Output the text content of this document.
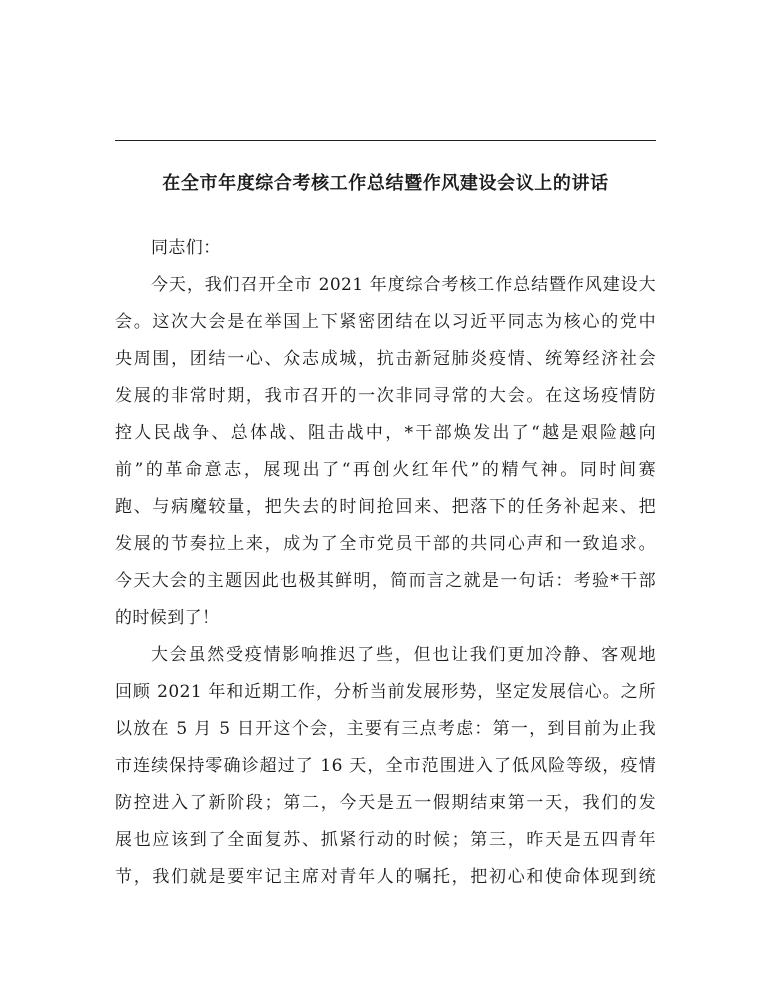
在全市年度综合考核工作总结暨作风建设会议上的讲话
同志们：
今天，我们召开全市 2021 年度综合考核工作总结暨作风建设大
会。这次大会是在举国上下紧密团结在以习近平同志为核心的党中
央周围，团结一心、众志成城，抗击新冠肺炎疫情、统筹经济社会
发展的非常时期，我市召开的一次非同寻常的大会。在这场疫情防
控人民战争、总体战、阻击战中，*干部焕发出了“越是艰险越向
前”的革命意志，展现出了“再创火红年代”的精气神。同时间赛
跑、与病魔较量，把失去的时间抢回来、把落下的任务补起来、把
发展的节奏拉上来，成为了全市党员干部的共同心声和一致追求。
今天大会的主题因此也极其鲜明，简而言之就是一句话：考验*干部
的时候到了！
大会虽然受疫情影响推迟了些，但也让我们更加冷静、客观地
回顾 2021 年和近期工作，分析当前发展形势，坚定发展信心。之所
以放在 5 月 5 日开这个会，主要有三点考虑：第一，到目前为止我
市连续保持零确诊超过了 16 天，全市范围进入了低风险等级，疫情
防控进入了新阶段；第二，今天是五一假期结束第一天，我们的发
展也应该到了全面复苏、抓紧行动的时候；第三，昨天是五四青年
节，我们就是要牢记主席对青年人的嘱托，把初心和使命体现到统
